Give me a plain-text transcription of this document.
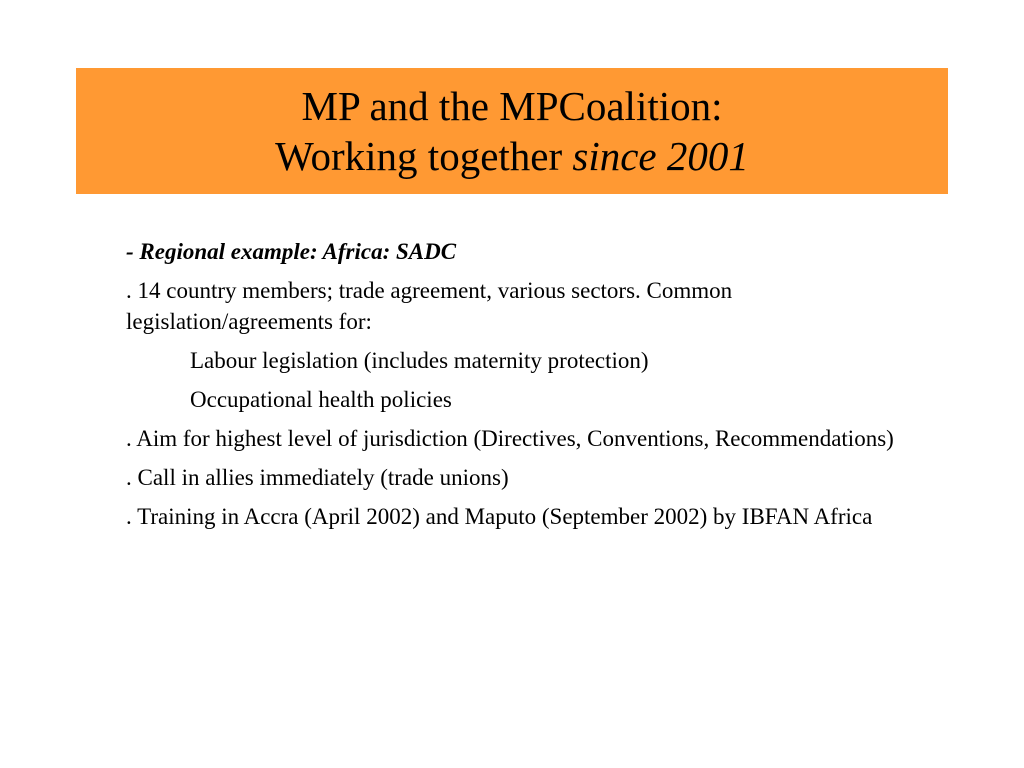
MP and the MPCoalition:
Working together since 2001

- Regional example: Africa: SADC

. 14 country members; trade agreement, various sectors. Common legislation/agreements for:

Labour legislation (includes maternity protection)

Occupational health policies

. Aim for highest level of jurisdiction (Directives, Conventions, Recommendations)

. Call in allies immediately (trade unions)

. Training in Accra (April 2002) and Maputo (September 2002) by IBFAN Africa
